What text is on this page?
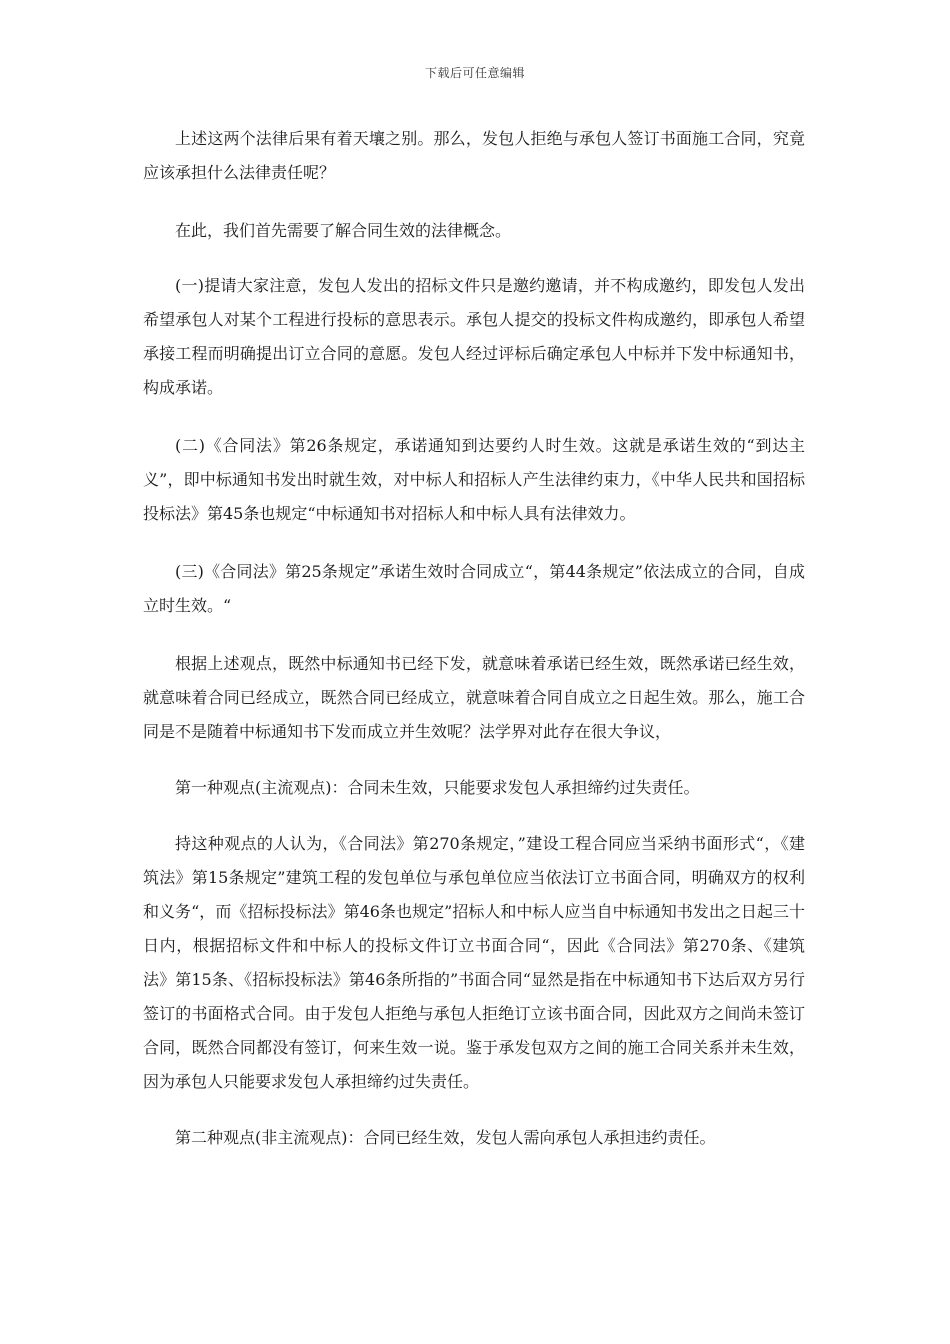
下载后可任意编辑

上述这两个法律后果有着天壤之别。那么，发包人拒绝与承包人签订书面施工合同，究竟应该承担什么法律责任呢？

在此，我们首先需要了解合同生效的法律概念。

(一)提请大家注意，发包人发出的招标文件只是邀约邀请，并不构成邀约，即发包人发出希望承包人对某个工程进行投标的意思表示。承包人提交的投标文件构成邀约，即承包人希望承接工程而明确提出订立合同的意愿。发包人经过评标后确定承包人中标并下发中标通知书，构成承诺。

(二)《合同法》第26条规定，承诺通知到达要约人时生效。这就是承诺生效的“到达主义”，即中标通知书发出时就生效，对中标人和招标人产生法律约束力，《中华人民共和国招标投标法》第45条也规定“中标通知书对招标人和中标人具有法律效力。

(三)《合同法》第25条规定”承诺生效时合同成立“，第44条规定”依法成立的合同，自成立时生效。“

根据上述观点，既然中标通知书已经下发，就意味着承诺已经生效，既然承诺已经生效，就意味着合同已经成立，既然合同已经成立，就意味着合同自成立之日起生效。那么，施工合同是不是随着中标通知书下发而成立并生效呢？法学界对此存在很大争议，

第一种观点(主流观点)：合同未生效，只能要求发包人承担缔约过失责任。

持这种观点的人认为，《合同法》第270条规定，”建设工程合同应当采纳书面形式“，《建筑法》第15条规定”建筑工程的发包单位与承包单位应当依法订立书面合同，明确双方的权利和义务“，而《招标投标法》第46条也规定”招标人和中标人应当自中标通知书发出之日起三十日内，根据招标文件和中标人的投标文件订立书面合同“，因此《合同法》第270条、《建筑法》第15条、《招标投标法》第46条所指的”书面合同“显然是指在中标通知书下达后双方另行签订的书面格式合同。由于发包人拒绝与承包人拒绝订立该书面合同，因此双方之间尚未签订合同，既然合同都没有签订，何来生效一说。鉴于承发包双方之间的施工合同关系并未生效，因为承包人只能要求发包人承担缔约过失责任。

第二种观点(非主流观点)：合同已经生效，发包人需向承包人承担违约责任。
